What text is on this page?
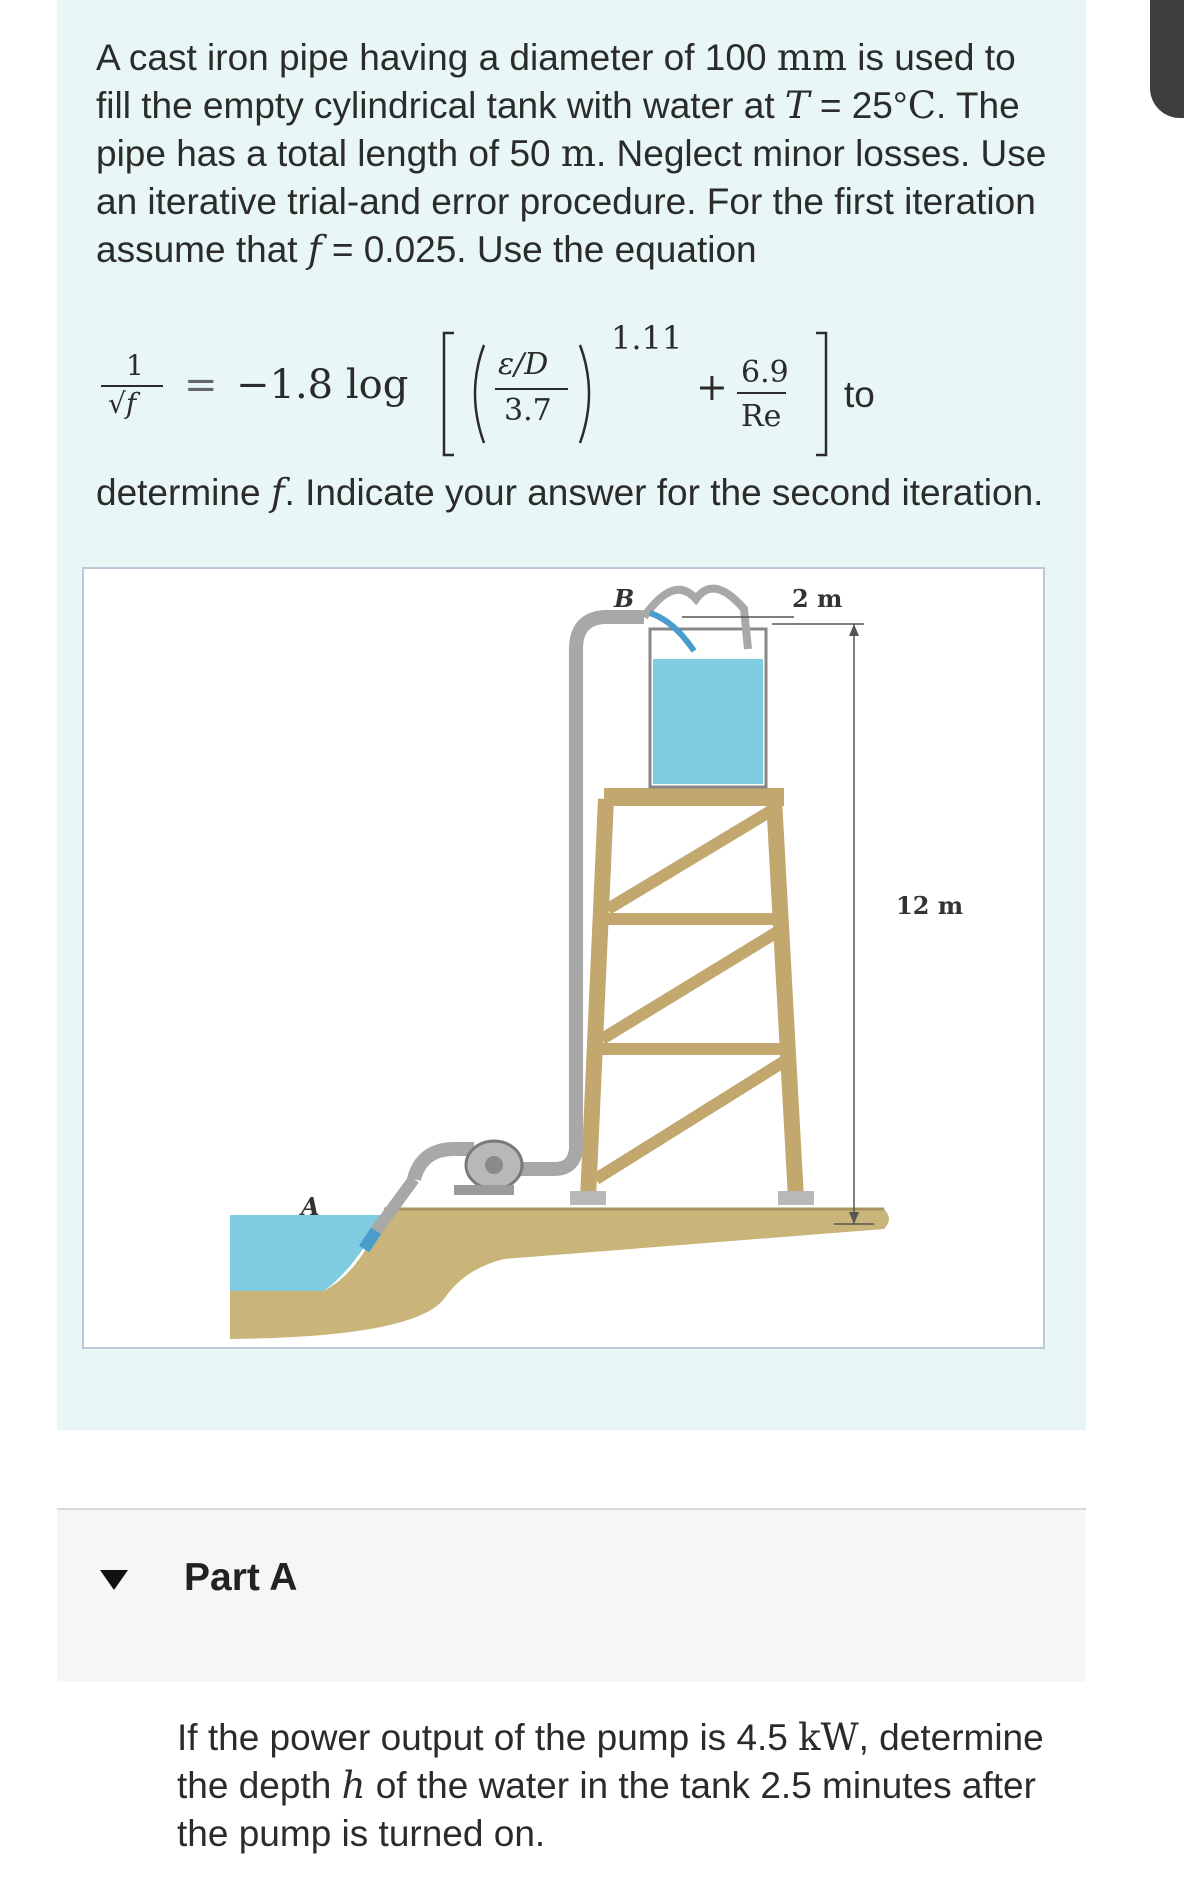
A cast iron pipe having a diameter of 100 mm is used to fill the empty cylindrical tank with water at T = 25°C. The pipe has a total length of 50 m. Neglect minor losses. Use an iterative trial-and error procedure. For the first iteration assume that f = 0.025. Use the equation

1
√f = −1.8 log	ε/D
3.7
1.11
+ 6.9
Re
to

determine f. Indicate your answer for the second iteration.

A
B	2 m
12 m
Part A

If the power output of the pump is 4.5 kW, determine the depth h of the water in the tank 2.5 minutes after the pump is turned on.
